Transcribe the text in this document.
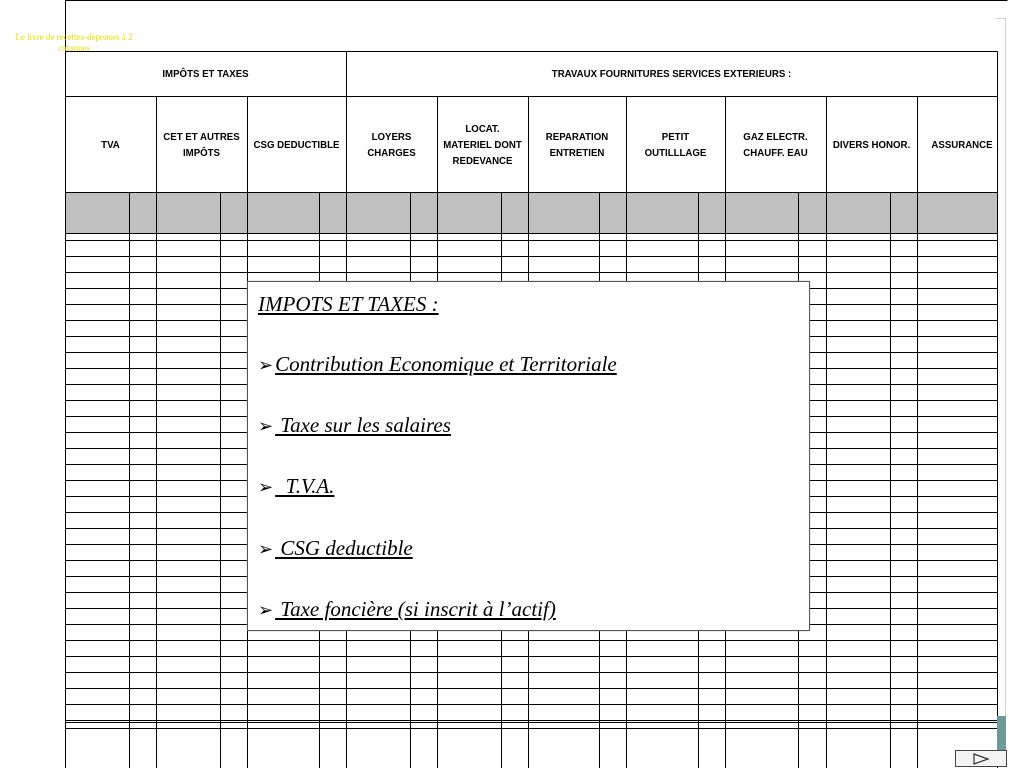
Le livre de recettes-dépenses à 2 colonnes
IMPÔTS ET TAXES	TRAVAUX FOURNITURES SERVICES EXTERIEURS :
TVA
CET ET AUTRES IMPÔTS
CSG DEDUCTIBLE
LOYERS CHARGES
LOCAT. MATERIEL DONT REDEVANCE
REPARATION ENTRETIEN
PETIT OUTILLLAGE
GAZ ELECTR. CHAUFF. EAU
DIVERS HONOR.	ASSURANCE
IMPOTS ET TAXES :
➢Contribution Economique et Territoriale
➢ Taxe sur les salaires
➢  T.V.A.
➢ CSG deductible
➢ Taxe foncière (si inscrit à l’actif)
